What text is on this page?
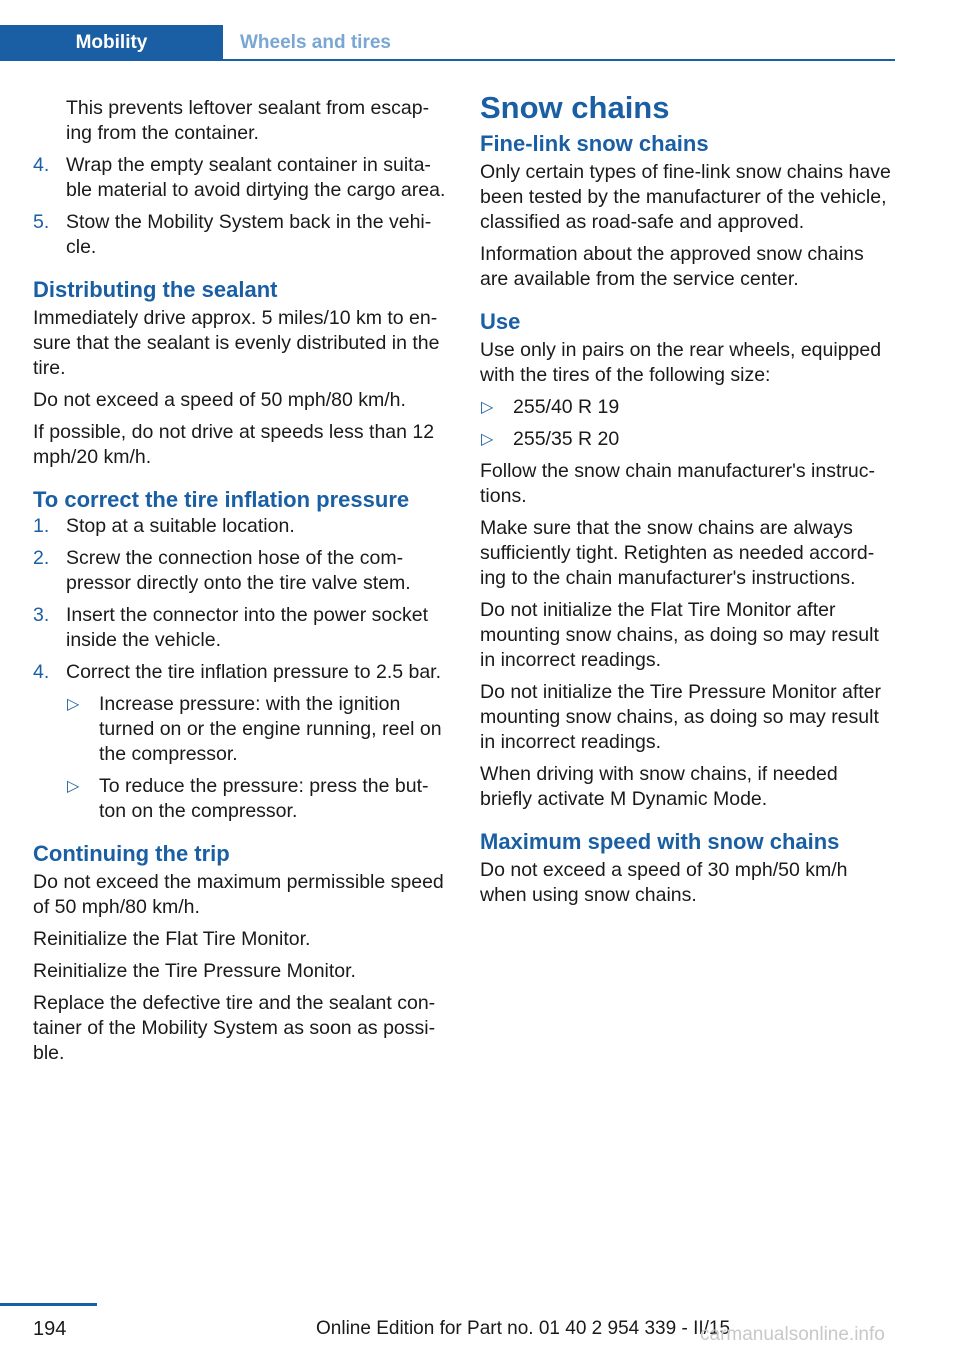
Mobility	Wheels and tires

This prevents leftover sealant from escap- ing from the container.

4. Wrap the empty sealant container in suita- ble material to avoid dirtying the cargo area.
5. Stow the Mobility System back in the vehi- cle.
Distributing the sealant

Immediately drive approx. 5 miles/10 km to en- sure that the sealant is evenly distributed in the tire.

Do not exceed a speed of 50 mph/80 km/h.

If possible, do not drive at speeds less than 12 mph/20 km/h.

To correct the tire inflation pressure
1. Stop at a suitable location.
2. Screw the connection hose of the com- pressor directly onto the tire valve stem.
3. Insert the connector into the power socket inside the vehicle.
4. Correct the tire inflation pressure to 2.5 bar.
▷ Increase pressure: with the ignition turned on or the engine running, reel on the compressor.
▷ To reduce the pressure: press the but- ton on the compressor.
Continuing the trip

Do not exceed the maximum permissible speed of 50 mph/80 km/h.

Reinitialize the Flat Tire Monitor.

Reinitialize the Tire Pressure Monitor.

Replace the defective tire and the sealant con- tainer of the Mobility System as soon as possi- ble.

Snow chains
Fine-link snow chains

Only certain types of fine-link snow chains have been tested by the manufacturer of the vehicle, classified as road-safe and approved.

Information about the approved snow chains are available from the service center.

Use

Use only in pairs on the rear wheels, equipped with the tires of the following size:

▷ 255/40 R 19
▷ 255/35 R 20

Follow the snow chain manufacturer's instruc- tions.

Make sure that the snow chains are always sufficiently tight. Retighten as needed accord- ing to the chain manufacturer's instructions.

Do not initialize the Flat Tire Monitor after mounting snow chains, as doing so may result in incorrect readings.

Do not initialize the Tire Pressure Monitor after mounting snow chains, as doing so may result in incorrect readings.

When driving with snow chains, if needed briefly activate M Dynamic Mode.

Maximum speed with snow chains

Do not exceed a speed of 30 mph/50 km/h when using snow chains.

194	Online Edition for Part no. 01 40 2 954 339 - II/15
carmanualsonline.info
